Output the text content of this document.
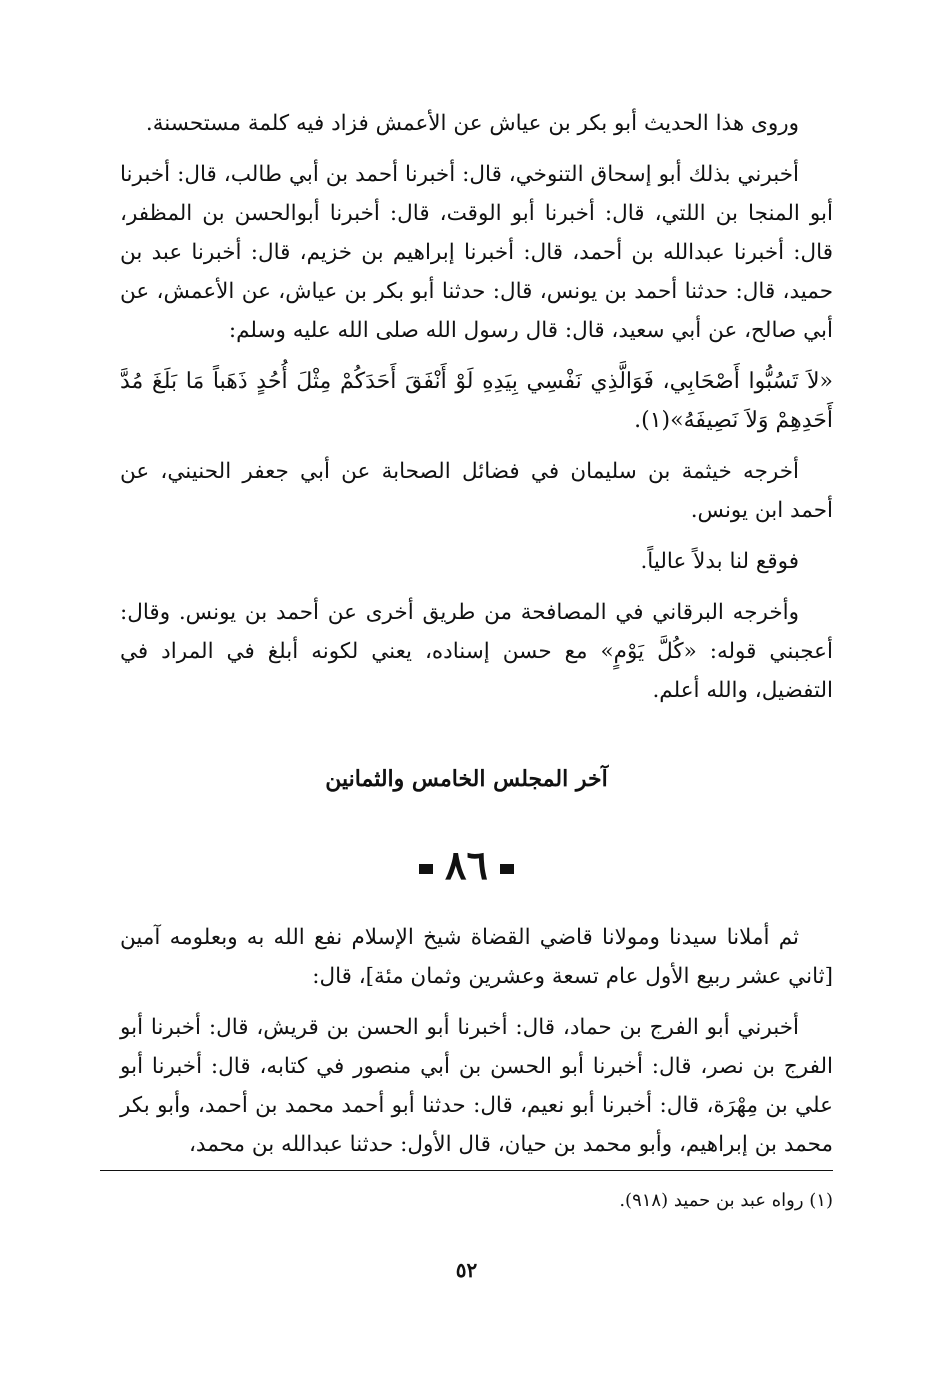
وروى هذا الحديث أبو بكر بن عياش عن الأعمش فزاد فيه كلمة مستحسنة.

أخبرني بذلك أبو إسحاق التنوخي، قال: أخبرنا أحمد بن أبي طالب، قال: أخبرنا أبو المنجا بن اللتي، قال: أخبرنا أبو الوقت، قال: أخبرنا أبوالحسن بن المظفر، قال: أخبرنا عبدالله بن أحمد، قال: أخبرنا إبراهيم بن خزيم، قال: أخبرنا عبد بن حميد، قال: حدثنا أحمد بن يونس، قال: حدثنا أبو بكر بن عياش، عن الأعمش، عن أبي صالح، عن أبي سعيد، قال: قال رسول الله صلى الله عليه وسلم:

«لاَ تَسُبُّوا أَصْحَابِي، فَوَالَّذِي نَفْسِي بِيَدِهِ لَوْ أَنْفَقَ أَحَدَكُمْ مِثْلَ أُحُدٍ ذَهَباً مَا بَلَغَ مُدَّ أَحَدِهِمْ وَلاَ نَصِيفَهُ»(١).

أخرجه خيثمة بن سليمان في فضائل الصحابة عن أبي جعفر الحنيني، عن أحمد ابن يونس.

فوقع لنا بدلاً عالياً.

وأخرجه البرقاني في المصافحة من طريق أخرى عن أحمد بن يونس. وقال: أعجبني قوله: «كُلَّ يَوْمٍ» مع حسن إسناده، يعني لكونه أبلغ في المراد في التفضيل، والله أعلم.

آخر المجلس الخامس والثمانين
٨٦

ثم أملانا سيدنا ومولانا قاضي القضاة شيخ الإسلام نفع الله به وبعلومه آمين [ثاني عشر ربيع الأول عام تسعة وعشرين وثمان مئة]، قال:

أخبرني أبو الفرج بن حماد، قال: أخبرنا أبو الحسن بن قريش، قال: أخبرنا أبو الفرج بن نصر، قال: أخبرنا أبو الحسن بن أبي منصور في كتابه، قال: أخبرنا أبو علي بن مِهْرَة، قال: أخبرنا أبو نعيم، قال: حدثنا أبو أحمد محمد بن أحمد، وأبو بكر محمد بن إبراهيم، وأبو محمد بن حيان، قال الأول: حدثنا عبدالله بن محمد،

(١) رواه عبد بن حميد (٩١٨).
٥٢
